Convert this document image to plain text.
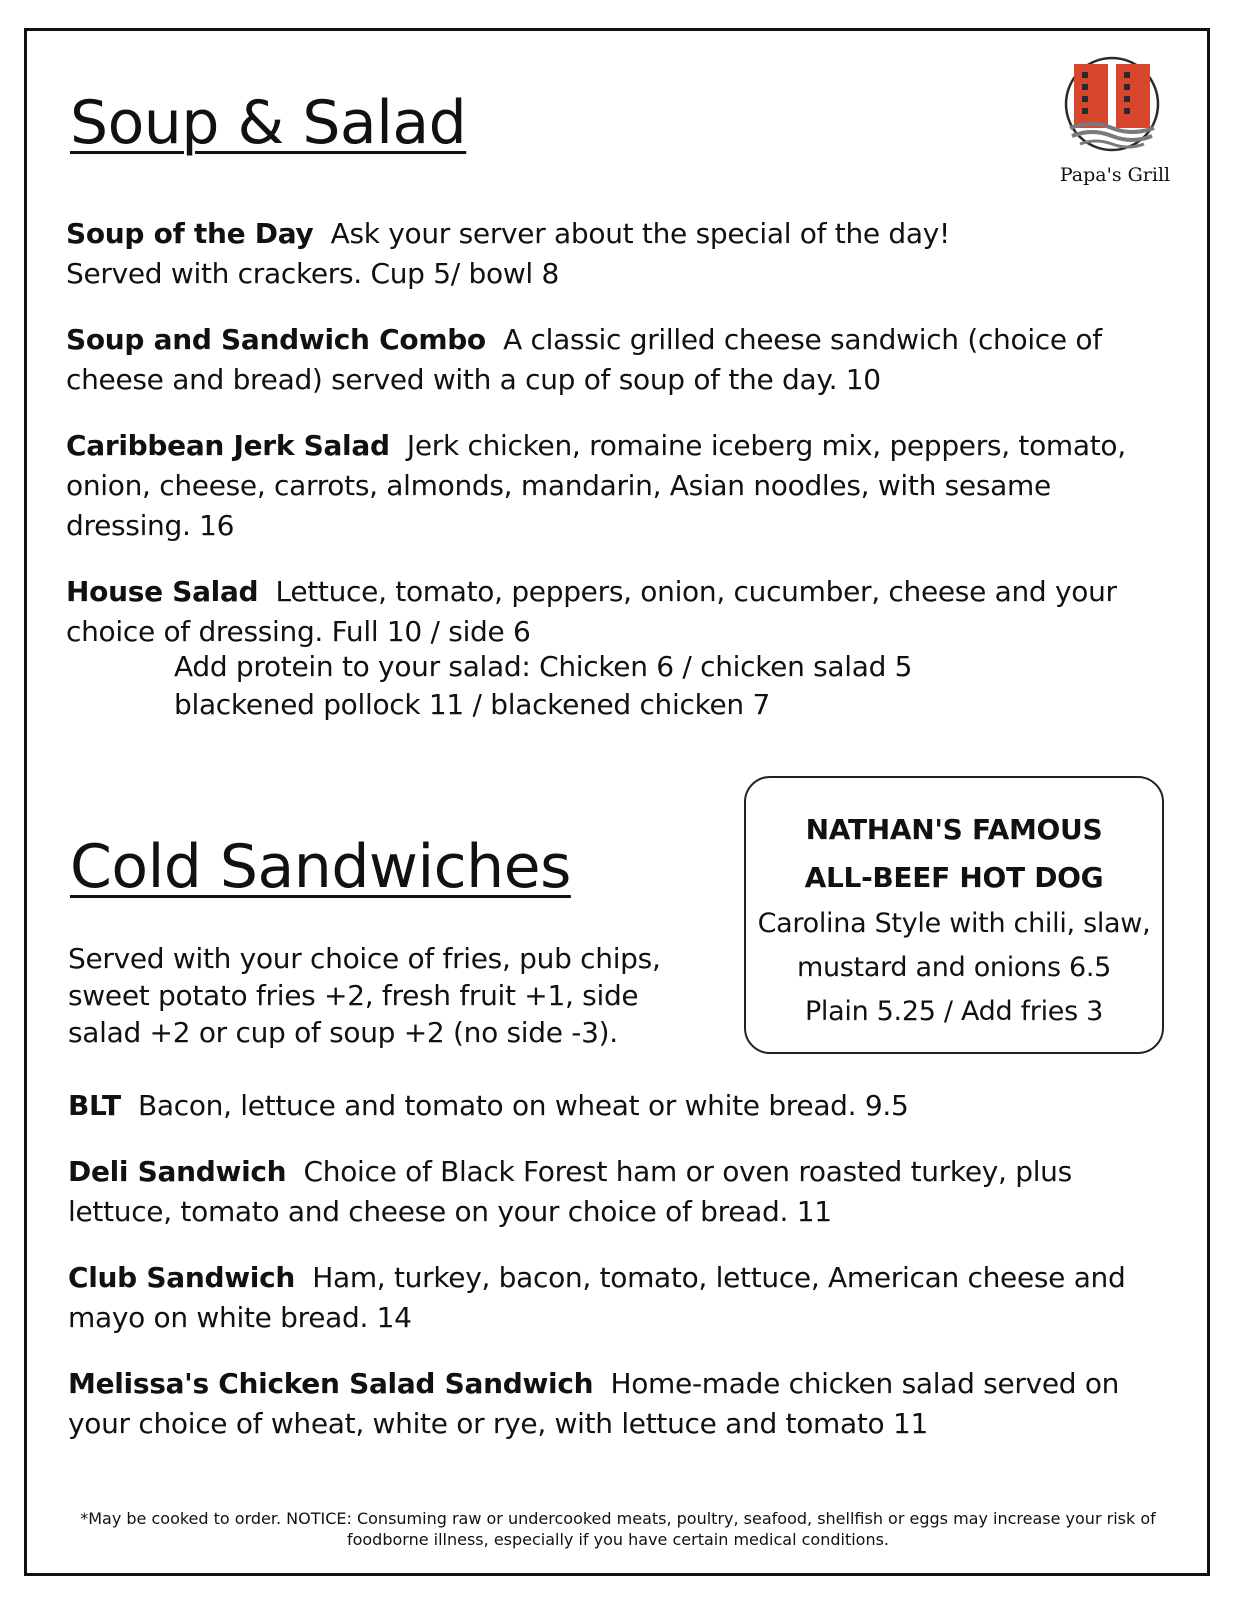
Papa's Grill
Soup & Salad
Soup of the Day Ask your server about the special of the day!
Served with crackers. Cup 5/ bowl 8
Soup and Sandwich Combo A classic grilled cheese sandwich (choice of
cheese and bread) served with a cup of soup of the day. 10
Caribbean Jerk Salad Jerk chicken, romaine iceberg mix, peppers, tomato,
onion, cheese, carrots, almonds, mandarin, Asian noodles, with sesame
dressing. 16
House Salad Lettuce, tomato, peppers, onion, cucumber, cheese and your
choice of dressing. Full 10 / side 6
Add protein to your salad: Chicken 6 / chicken salad 5
blackened pollock 11 / blackened chicken 7
NATHAN'S FAMOUS
ALL-BEEF HOT DOG
Carolina Style with chili, slaw,
mustard and onions 6.5
Plain 5.25 / Add fries 3
Cold Sandwiches
Served with your choice of fries, pub chips,
sweet potato fries +2, fresh fruit +1, side
salad +2 or cup of soup +2 (no side -3).
BLT Bacon, lettuce and tomato on wheat or white bread. 9.5
Deli Sandwich Choice of Black Forest ham or oven roasted turkey, plus
lettuce, tomato and cheese on your choice of bread. 11
Club Sandwich Ham, turkey, bacon, tomato, lettuce, American cheese and
mayo on white bread. 14
Melissa's Chicken Salad Sandwich Home-made chicken salad served on
your choice of wheat, white or rye, with lettuce and tomato 11
*May be cooked to order. NOTICE: Consuming raw or undercooked meats, poultry, seafood, shellfish or eggs may increase your risk of
foodborne illness, especially if you have certain medical conditions.
